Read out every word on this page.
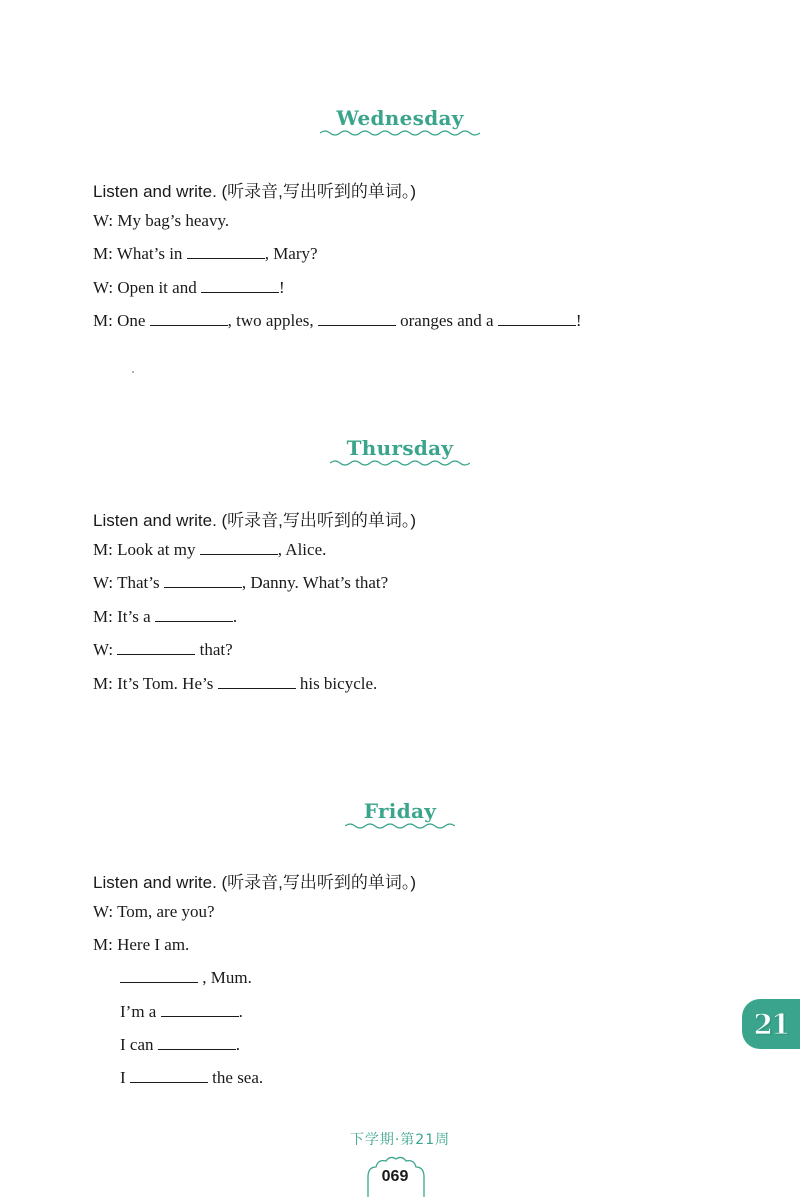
Wednesday
Listen and write. (听录音,写出听到的单词。)
W: My bag’s heavy.
M: What’s in	, Mary?
W: Open it and	!
M: One	, two apples,	oranges and a	!
Thursday
Listen and write. (听录音,写出听到的单词。)
M: Look at my	, Alice.
W: That’s	, Danny. What’s that?
M: It’s a	.
W:	that?
M: It’s Tom. He’s	his bicycle.
Friday
Listen and write. (听录音,写出听到的单词。)
W: Tom, are you?
M: Here I am.
, Mum.
I’m a	.
I can	.
I	the sea.
21
下学期·第21周
069
